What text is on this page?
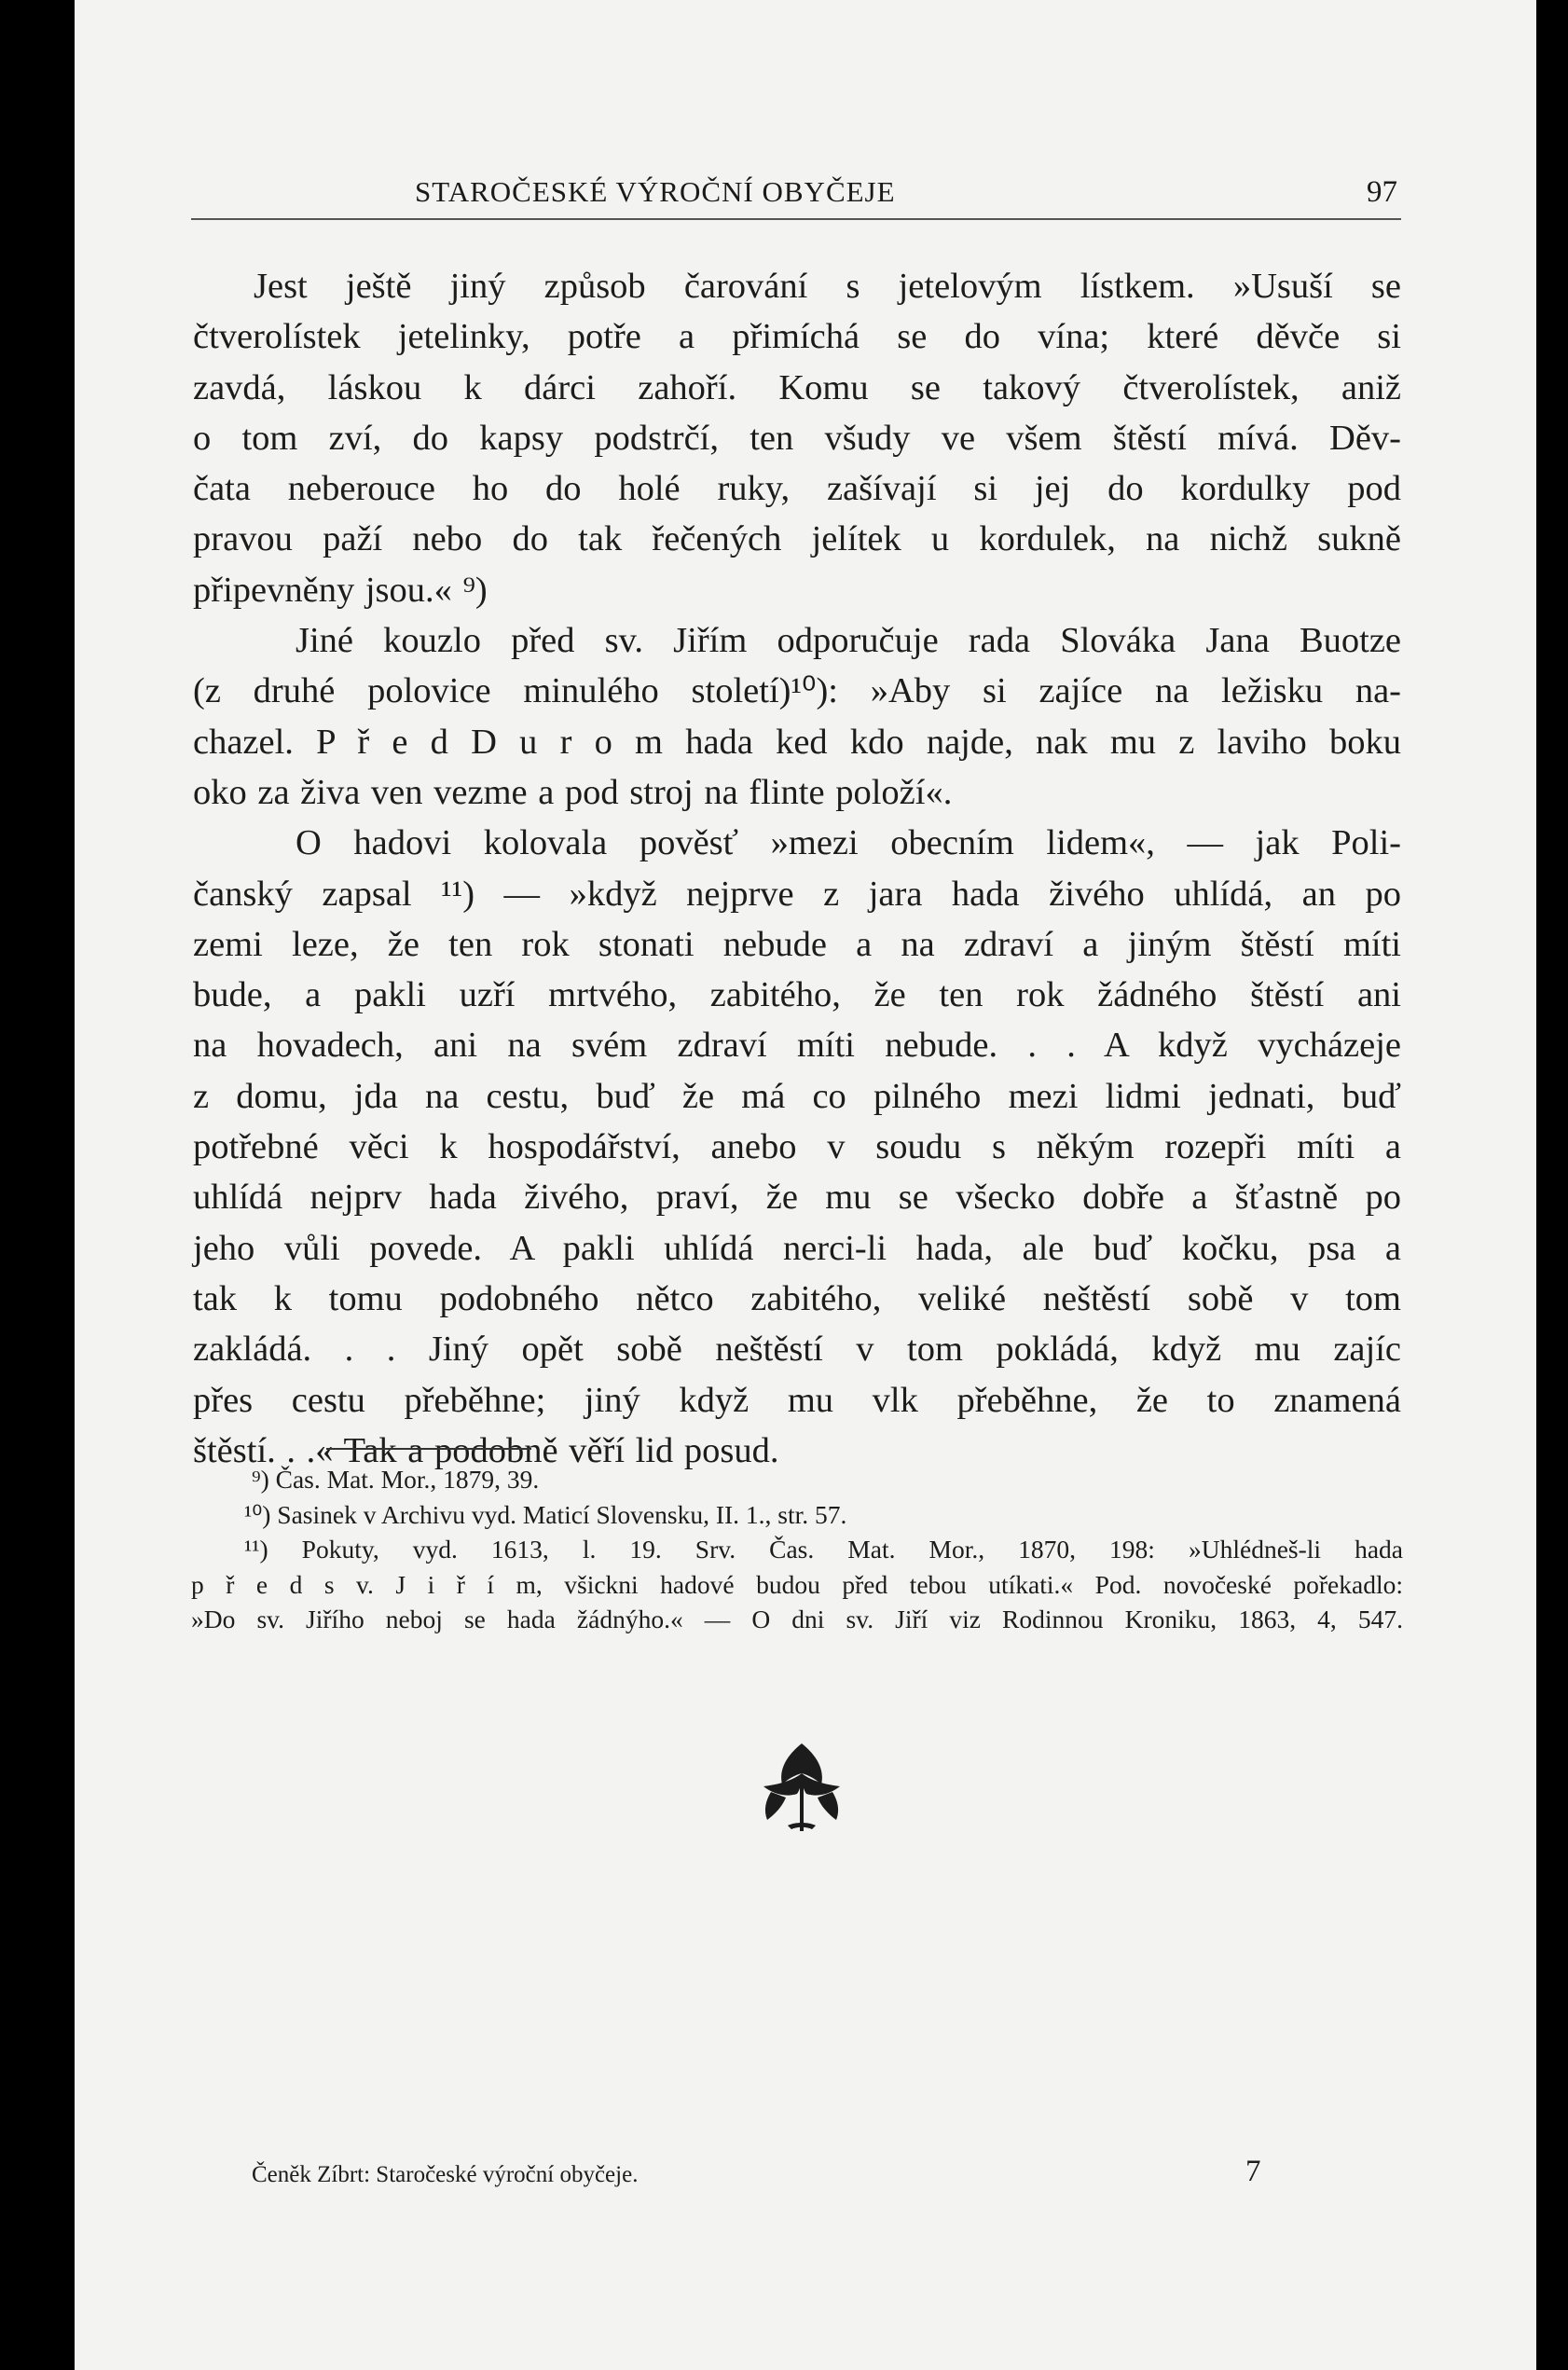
STAROČESKÉ VÝROČNÍ OBYČEJE	97
Jest ještě jiný způsob čarování s jetelovým lístkem. »Usuší se
čtverolístek jetelinky, potře a přimíchá se do vína; které děvče si
zavdá, láskou k dárci zahoří. Komu se takový čtverolístek, aniž
o tom zví, do kapsy podstrčí, ten všudy ve všem štěstí mívá. Děv-
čata neberouce ho do holé ruky, zašívají si jej do kordulky pod
pravou paží nebo do tak řečených jelítek u kordulek, na nichž sukně
připevněny jsou.« ⁹)
Jiné kouzlo před sv. Jiřím odporučuje rada Slováka Jana Buotze
(z druhé polovice minulého století)¹⁰): »Aby si zajíce na ležisku na-
chazel. P ř e d D u r o m hada ked kdo najde, nak mu z laviho boku
oko za živa ven vezme a pod stroj na flinte položí«.
O hadovi kolovala pověsť »mezi obecním lidem«, — jak Poli-
čanský zapsal ¹¹) — »když nejprve z jara hada živého uhlídá, an po
zemi leze, že ten rok stonati nebude a na zdraví a jiným štěstí míti
bude, a pakli uzří mrtvého, zabitého, že ten rok žádného štěstí ani
na hovadech, ani na svém zdraví míti nebude. . . A když vycházeje
z domu, jda na cestu, buď že má co pilného mezi lidmi jednati, buď
potřebné věci k hospodářství, anebo v soudu s někým rozepři míti a
uhlídá nejprv hada živého, praví, že mu se všecko dobře a šťastně po
jeho vůli povede. A pakli uhlídá nerci-li hada, ale buď kočku, psa a
tak k tomu podobného nětco zabitého, veliké neštěstí sobě v tom
zakládá. . . Jiný opět sobě neštěstí v tom pokládá, když mu zajíc
přes cestu přeběhne; jiný když mu vlk přeběhne, že to znamená
štěstí. . .« Tak a podobně věří lid posud.
⁹) Čas. Mat. Mor., 1879, 39.
¹⁰) Sasinek v Archivu vyd. Maticí Slovensku, II. 1., str. 57.
¹¹) Pokuty, vyd. 1613, l. 19. Srv. Čas. Mat. Mor., 1870, 198: »Uhlédneš-li hada
p ř e d s v. J i ř í m, všickni hadové budou před tebou utíkati.« Pod. novočeské pořekadlo:
»Do sv. Jiřího neboj se hada žádnýho.« — O dni sv. Jiří viz Rodinnou Kroniku, 1863, 4, 547.
Čeněk Zíbrt: Staročeské výroční obyčeje.	7
